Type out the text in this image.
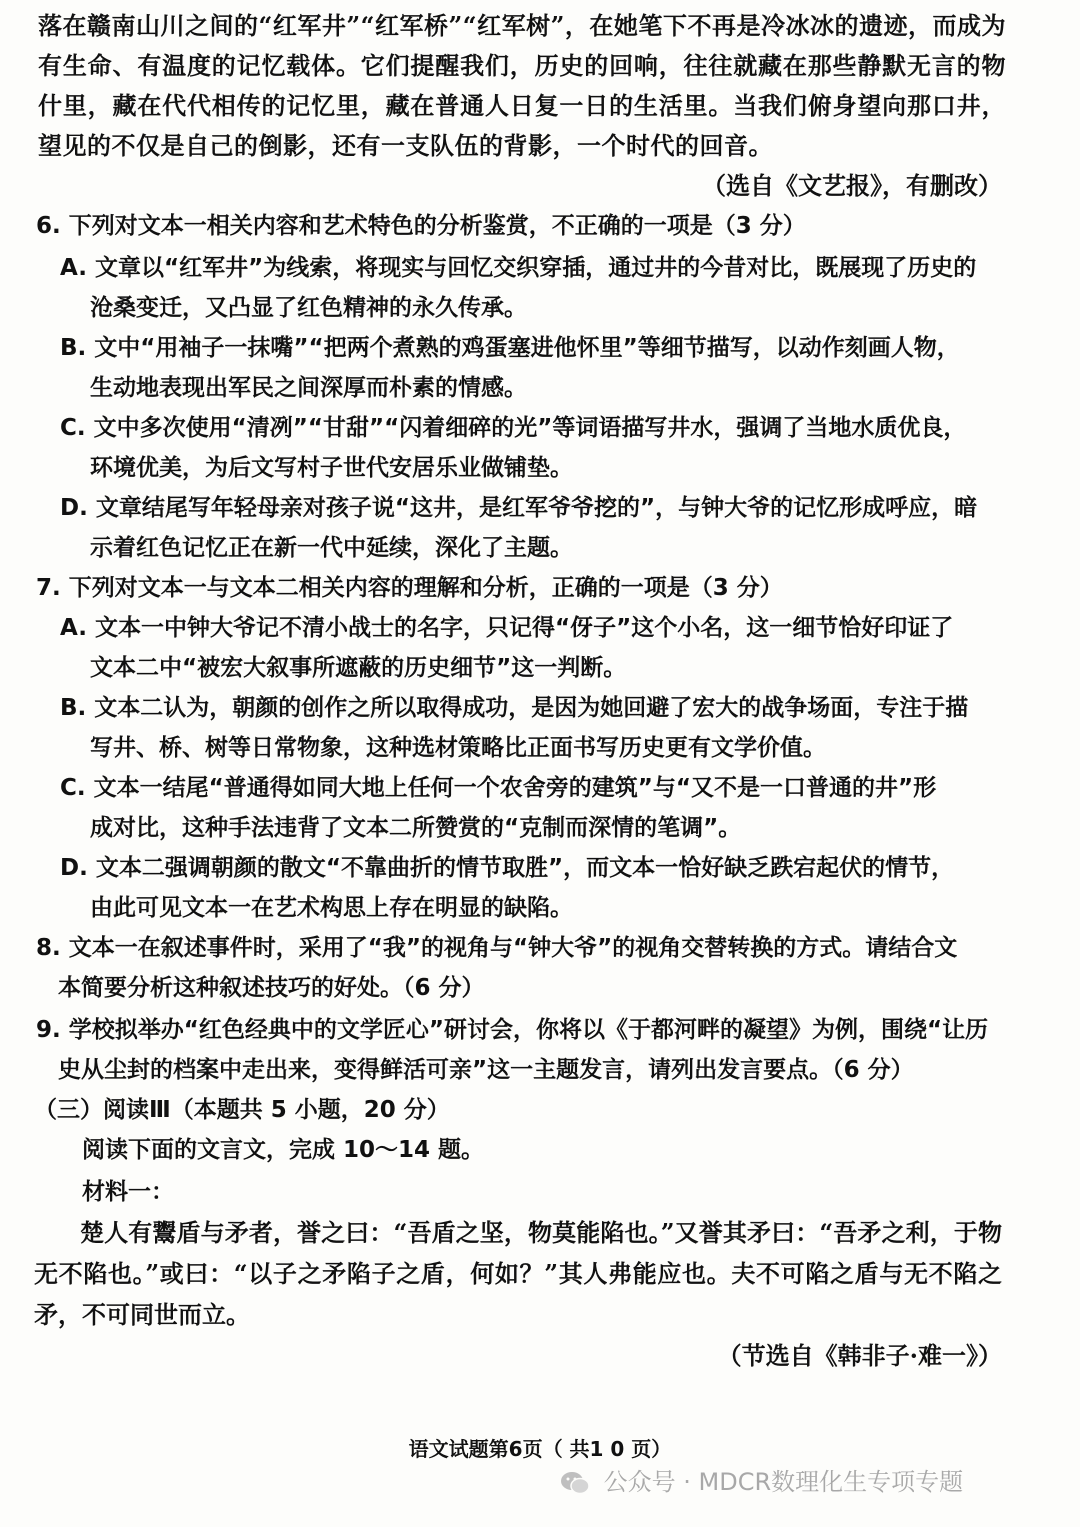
落在赣南山川之间的“红军井”“红军桥”“红军树”，在她笔下不再是冷冰冰的遗迹，而成为有生命、有温度的记忆载体。它们提醒我们，历史的回响，往往就藏在那些静默无言的物什里，藏在代代相传的记忆里，藏在普通人日复一日的生活里。当我们俯身望向那口井，望见的不仅是自己的倒影，还有一支队伍的背影，一个时代的回音。
（选自《文艺报》，有删改）
6. 下列对文本一相关内容和艺术特色的分析鉴赏，不正确的一项是（3 分）
A. 文章以“红军井”为线索，将现实与回忆交织穿插，通过井的今昔对比，既展现了历史的
沧桑变迁，又凸显了红色精神的永久传承。
B. 文中“用袖子一抹嘴”“把两个煮熟的鸡蛋塞进他怀里”等细节描写，以动作刻画人物，
生动地表现出军民之间深厚而朴素的情感。
C. 文中多次使用“清冽”“甘甜”“闪着细碎的光”等词语描写井水，强调了当地水质优良，
环境优美，为后文写村子世代安居乐业做铺垫。
D. 文章结尾写年轻母亲对孩子说“这井，是红军爷爷挖的”，与钟大爷的记忆形成呼应，暗
示着红色记忆正在新一代中延续，深化了主题。
7. 下列对文本一与文本二相关内容的理解和分析，正确的一项是（3 分）
A. 文本一中钟大爷记不清小战士的名字，只记得“伢子”这个小名，这一细节恰好印证了
文本二中“被宏大叙事所遮蔽的历史细节”这一判断。
B. 文本二认为，朝颜的创作之所以取得成功，是因为她回避了宏大的战争场面，专注于描
写井、桥、树等日常物象，这种选材策略比正面书写历史更有文学价值。
C. 文本一结尾“普通得如同大地上任何一个农舍旁的建筑”与“又不是一口普通的井”形
成对比，这种手法违背了文本二所赞赏的“克制而深情的笔调”。
D. 文本二强调朝颜的散文“不靠曲折的情节取胜”，而文本一恰好缺乏跌宕起伏的情节，
由此可见文本一在艺术构思上存在明显的缺陷。
8. 文本一在叙述事件时，采用了“我”的视角与“钟大爷”的视角交替转换的方式。请结合文
本简要分析这种叙述技巧的好处。（6 分）
9. 学校拟举办“红色经典中的文学匠心”研讨会，你将以《于都河畔的凝望》为例，围绕“让历
史从尘封的档案中走出来，变得鲜活可亲”这一主题发言，请列出发言要点。（6 分）
（三）阅读Ⅲ（本题共 5 小题，20 分）
阅读下面的文言文，完成 10～14 题。
材料一：
楚人有鬻盾与矛者，誉之曰：“吾盾之坚，物莫能陷也。”又誉其矛曰：“吾矛之利，于物无不陷也。”或曰：“以子之矛陷子之盾，何如？”其人弗能应也。夫不可陷之盾与无不陷之矛，不可同世而立。
（节选自《韩非子·难一》）
语文试题第6页（ 共1 0 页）
公众号 · MDCR数理化生专项专题
